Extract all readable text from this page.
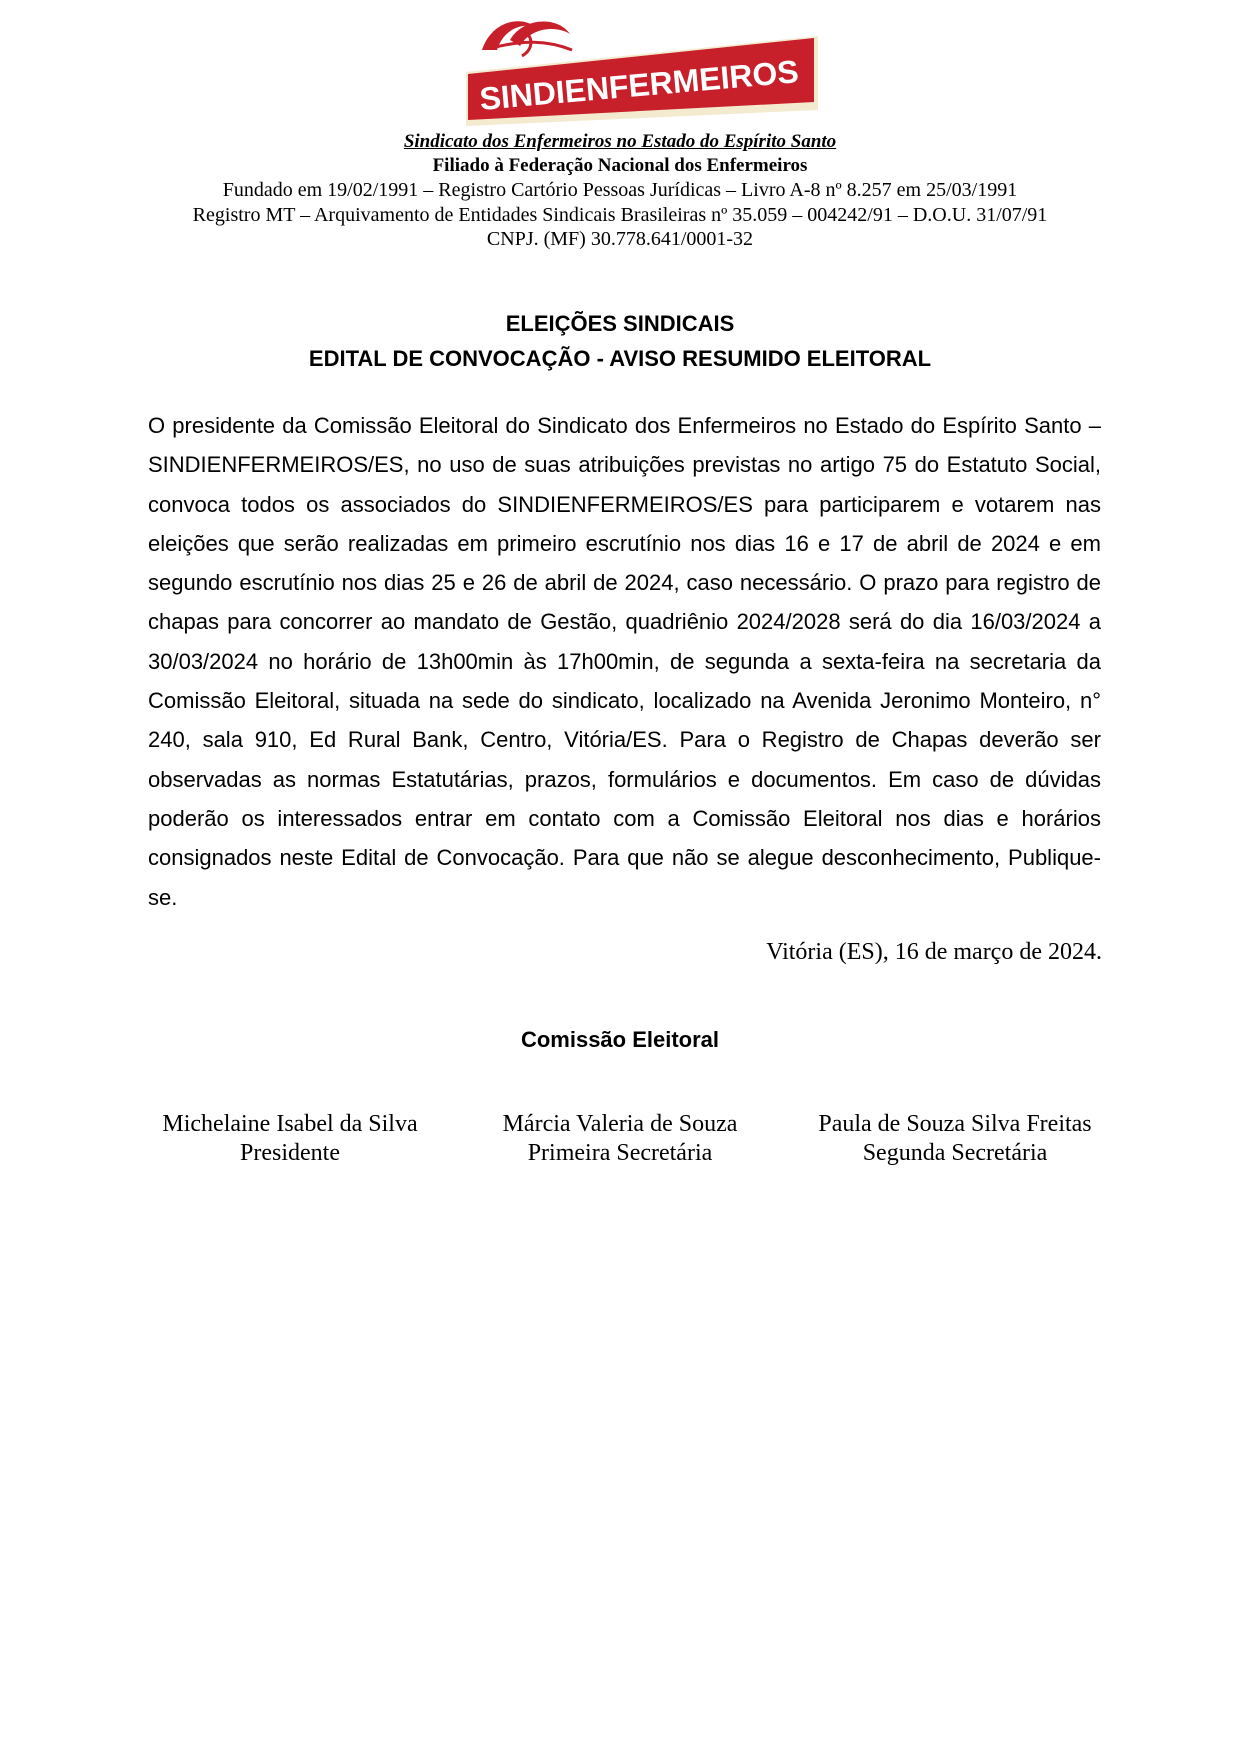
SINDIENFERMEIROS
Sindicato dos Enfermeiros no Estado do Espírito Santo
Filiado à Federação Nacional dos Enfermeiros
Fundado em 19/02/1991 – Registro Cartório Pessoas Jurídicas – Livro A-8 nº 8.257 em 25/03/1991
Registro MT – Arquivamento de Entidades Sindicais Brasileiras nº 35.059 – 004242/91 – D.O.U. 31/07/91
CNPJ. (MF) 30.778.641/0001-32
ELEIÇÕES SINDICAIS
EDITAL DE CONVOCAÇÃO - AVISO RESUMIDO ELEITORAL

O presidente da Comissão Eleitoral do Sindicato dos Enfermeiros no Estado do Espírito Santo – SINDIENFERMEIROS/ES, no uso de suas atribuições previstas no artigo 75 do Estatuto Social, convoca todos os associados do SINDIENFERMEIROS/ES para participarem e votarem nas eleições que serão realizadas em primeiro escrutínio nos dias 16 e 17 de abril de 2024 e em segundo escrutínio nos dias 25 e 26 de abril de 2024, caso necessário. O prazo para registro de chapas para concorrer ao mandato de Gestão, quadriênio 2024/2028 será do dia 16/03/2024 a 30/03/2024 no horário de 13h00min às 17h00min, de segunda a sexta-feira na secretaria da Comissão Eleitoral, situada na sede do sindicato, localizado na Avenida Jeronimo Monteiro, n° 240, sala 910, Ed Rural Bank, Centro, Vitória/ES. Para o Registro de Chapas deverão ser observadas as normas Estatutárias, prazos, formulários e documentos. Em caso de dúvidas poderão os interessados entrar em contato com a Comissão Eleitoral nos dias e horários consignados neste Edital de Convocação. Para que não se alegue desconhecimento, Publique-se.

Vitória (ES), 16 de março de 2024.
Comissão Eleitoral
Michelaine Isabel da Silva
Presidente
Márcia Valeria de Souza
Primeira Secretária
Paula de Souza Silva Freitas
Segunda Secretária
